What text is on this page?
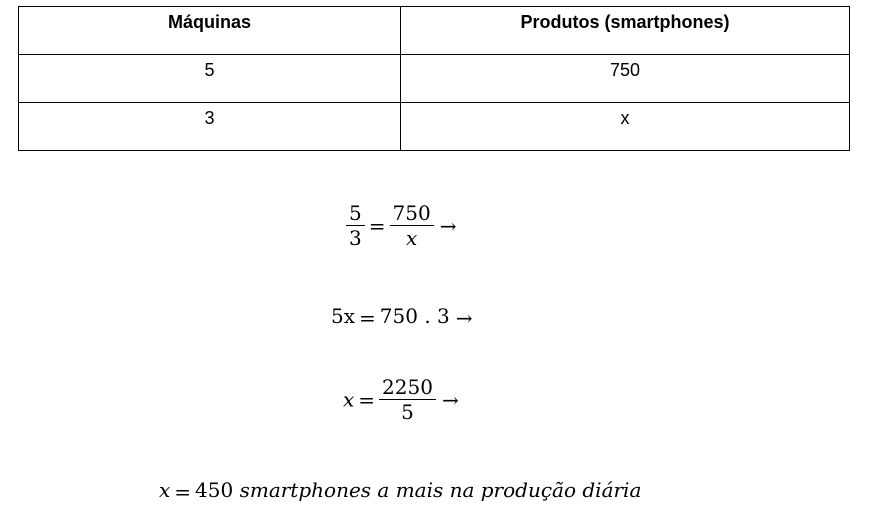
Máquinas	Produtos (smartphones)
5	750
3	x
$\frac{5}{3} = \frac{750}{x}$ →
5x = 750 . 3 →
$x = \frac{2250}{5}$ →
x = 450 smartphones a mais na produção diária
